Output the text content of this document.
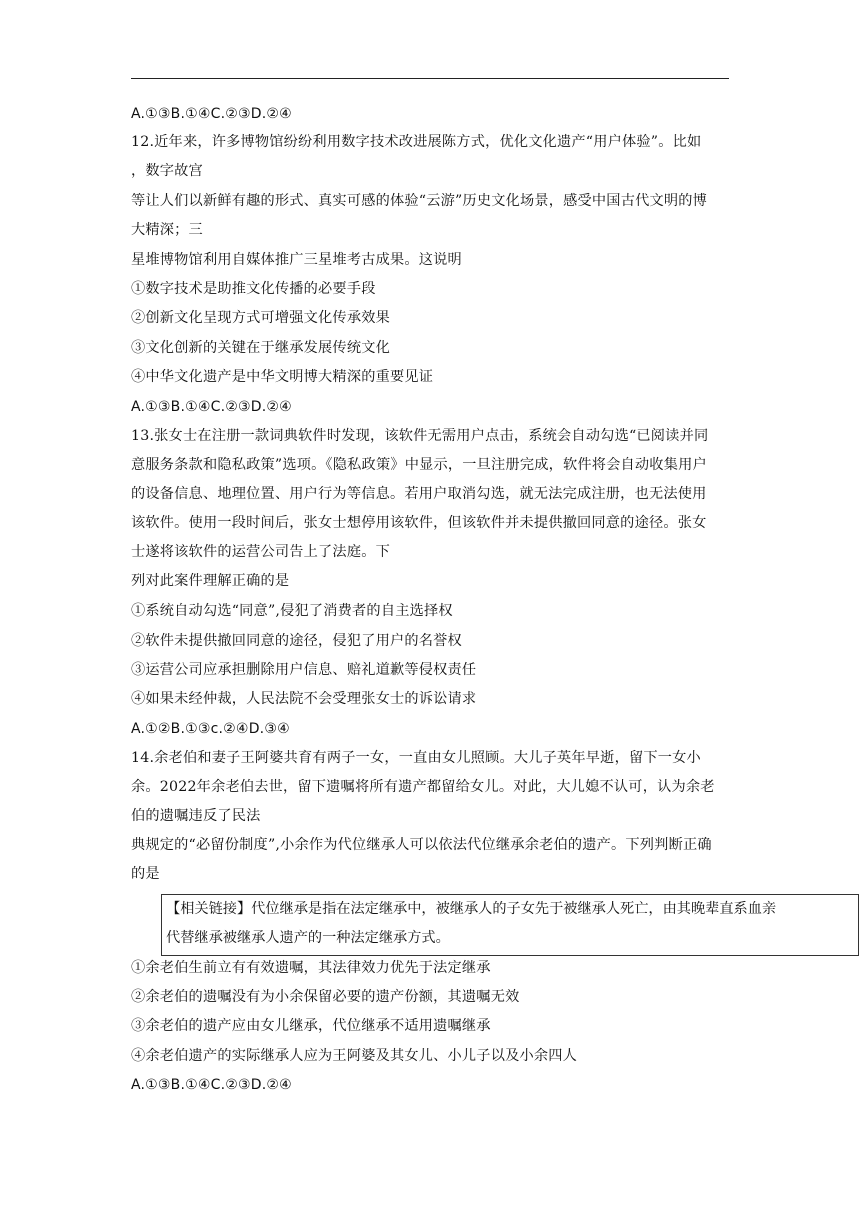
A.①③B.①④C.②③D.②④
12.近年来，许多博物馆纷纷利用数字技术改进展陈方式，优化文化遗产“用户体验”。比如
，数字故宫
等让人们以新鲜有趣的形式、真实可感的体验“云游”历史文化场景，感受中国古代文明的博
大精深；三
星堆博物馆利用自媒体推广三星堆考古成果。这说明
①数字技术是助推文化传播的必要手段
②创新文化呈现方式可增强文化传承效果
③文化创新的关键在于继承发展传统文化
④中华文化遗产是中华文明博大精深的重要见证
A.①③B.①④C.②③D.②④
13.张女士在注册一款词典软件时发现，该软件无需用户点击，系统会自动勾选“已阅读并同
意服务条款和隐私政策”选项。《隐私政策》中显示，一旦注册完成，软件将会自动收集用户
的设备信息、地理位置、用户行为等信息。若用户取消勾选，就无法完成注册，也无法使用
该软件。使用一段时间后，张女士想停用该软件，但该软件并未提供撤回同意的途径。张女
士遂将该软件的运营公司告上了法庭。下
列对此案件理解正确的是
①系统自动勾选“同意”,侵犯了消费者的自主选择权
②软件未提供撤回同意的途径，侵犯了用户的名誉权
③运营公司应承担删除用户信息、赔礼道歉等侵权责任
④如果未经仲裁，人民法院不会受理张女士的诉讼请求
A.①②B.①③c.②④D.③④
14.余老伯和妻子王阿婆共育有两子一女，一直由女儿照顾。大儿子英年早逝，留下一女小
余。2022年余老伯去世，留下遗嘱将所有遗产都留给女儿。对此，大儿媳不认可，认为余老
伯的遗嘱违反了民法
典规定的“必留份制度”,小余作为代位继承人可以依法代位继承余老伯的遗产。下列判断正确
的是
【相关链接】代位继承是指在法定继承中，被继承人的子女先于被继承人死亡，由其晚辈直系血亲
代替继承被继承人遗产的一种法定继承方式。
①余老伯生前立有有效遗嘱，其法律效力优先于法定继承
②余老伯的遗嘱没有为小余保留必要的遗产份额，其遗嘱无效
③余老伯的遗产应由女儿继承，代位继承不适用遗嘱继承
④余老伯遗产的实际继承人应为王阿婆及其女儿、小儿子以及小余四人
A.①③B.①④C.②③D.②④
